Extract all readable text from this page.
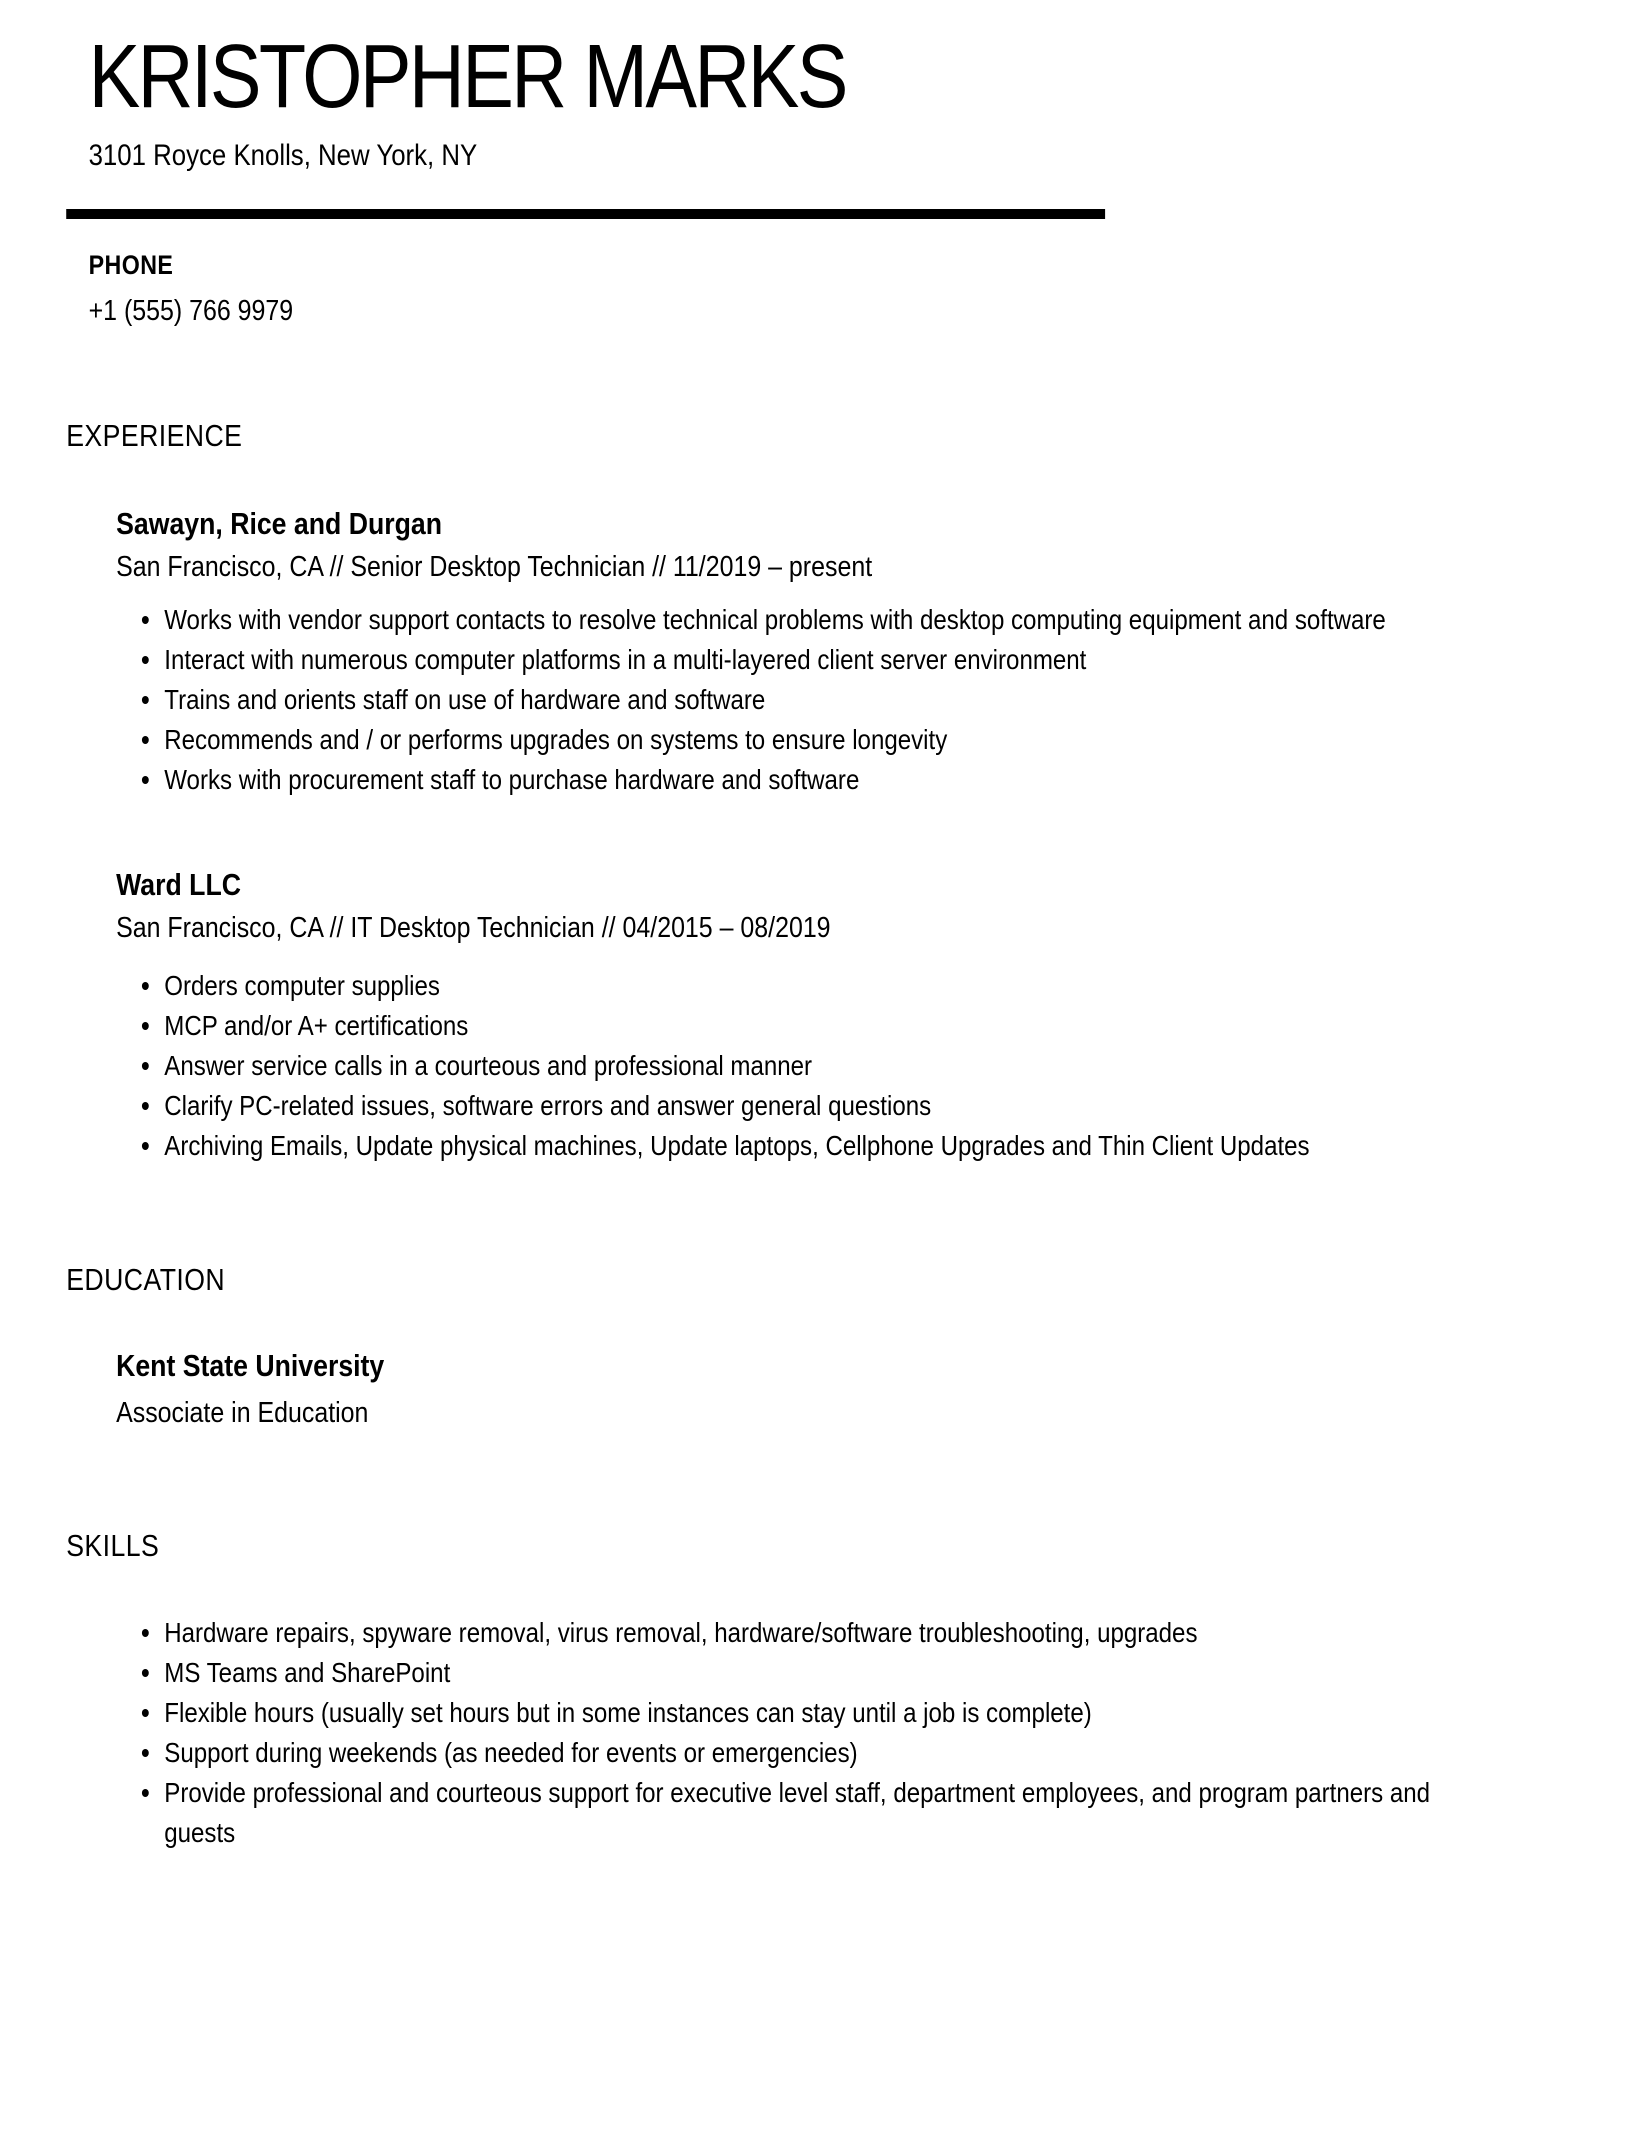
KRISTOPHER MARKS
3101 Royce Knolls, New York, NY
PHONE
+1 (555) 766 9979
EXPERIENCE
Sawayn, Rice and Durgan
San Francisco, CA // Senior Desktop Technician // 11/2019 – present
Works with vendor support contacts to resolve technical problems with desktop computing equipment and software
Interact with numerous computer platforms in a multi-layered client server environment
Trains and orients staff on use of hardware and software
Recommends and / or performs upgrades on systems to ensure longevity
Works with procurement staff to purchase hardware and software
Ward LLC
San Francisco, CA // IT Desktop Technician // 04/2015 – 08/2019
Orders computer supplies
MCP and/or A+ certifications
Answer service calls in a courteous and professional manner
Clarify PC-related issues, software errors and answer general questions
Archiving Emails, Update physical machines, Update laptops, Cellphone Upgrades and Thin Client Updates
EDUCATION
Kent State University
Associate in Education
SKILLS
Hardware repairs, spyware removal, virus removal, hardware/software troubleshooting, upgrades
MS Teams and SharePoint
Flexible hours (usually set hours but in some instances can stay until a job is complete)
Support during weekends (as needed for events or emergencies)
Provide professional and courteous support for executive level staff, department employees, and program partners and guests
